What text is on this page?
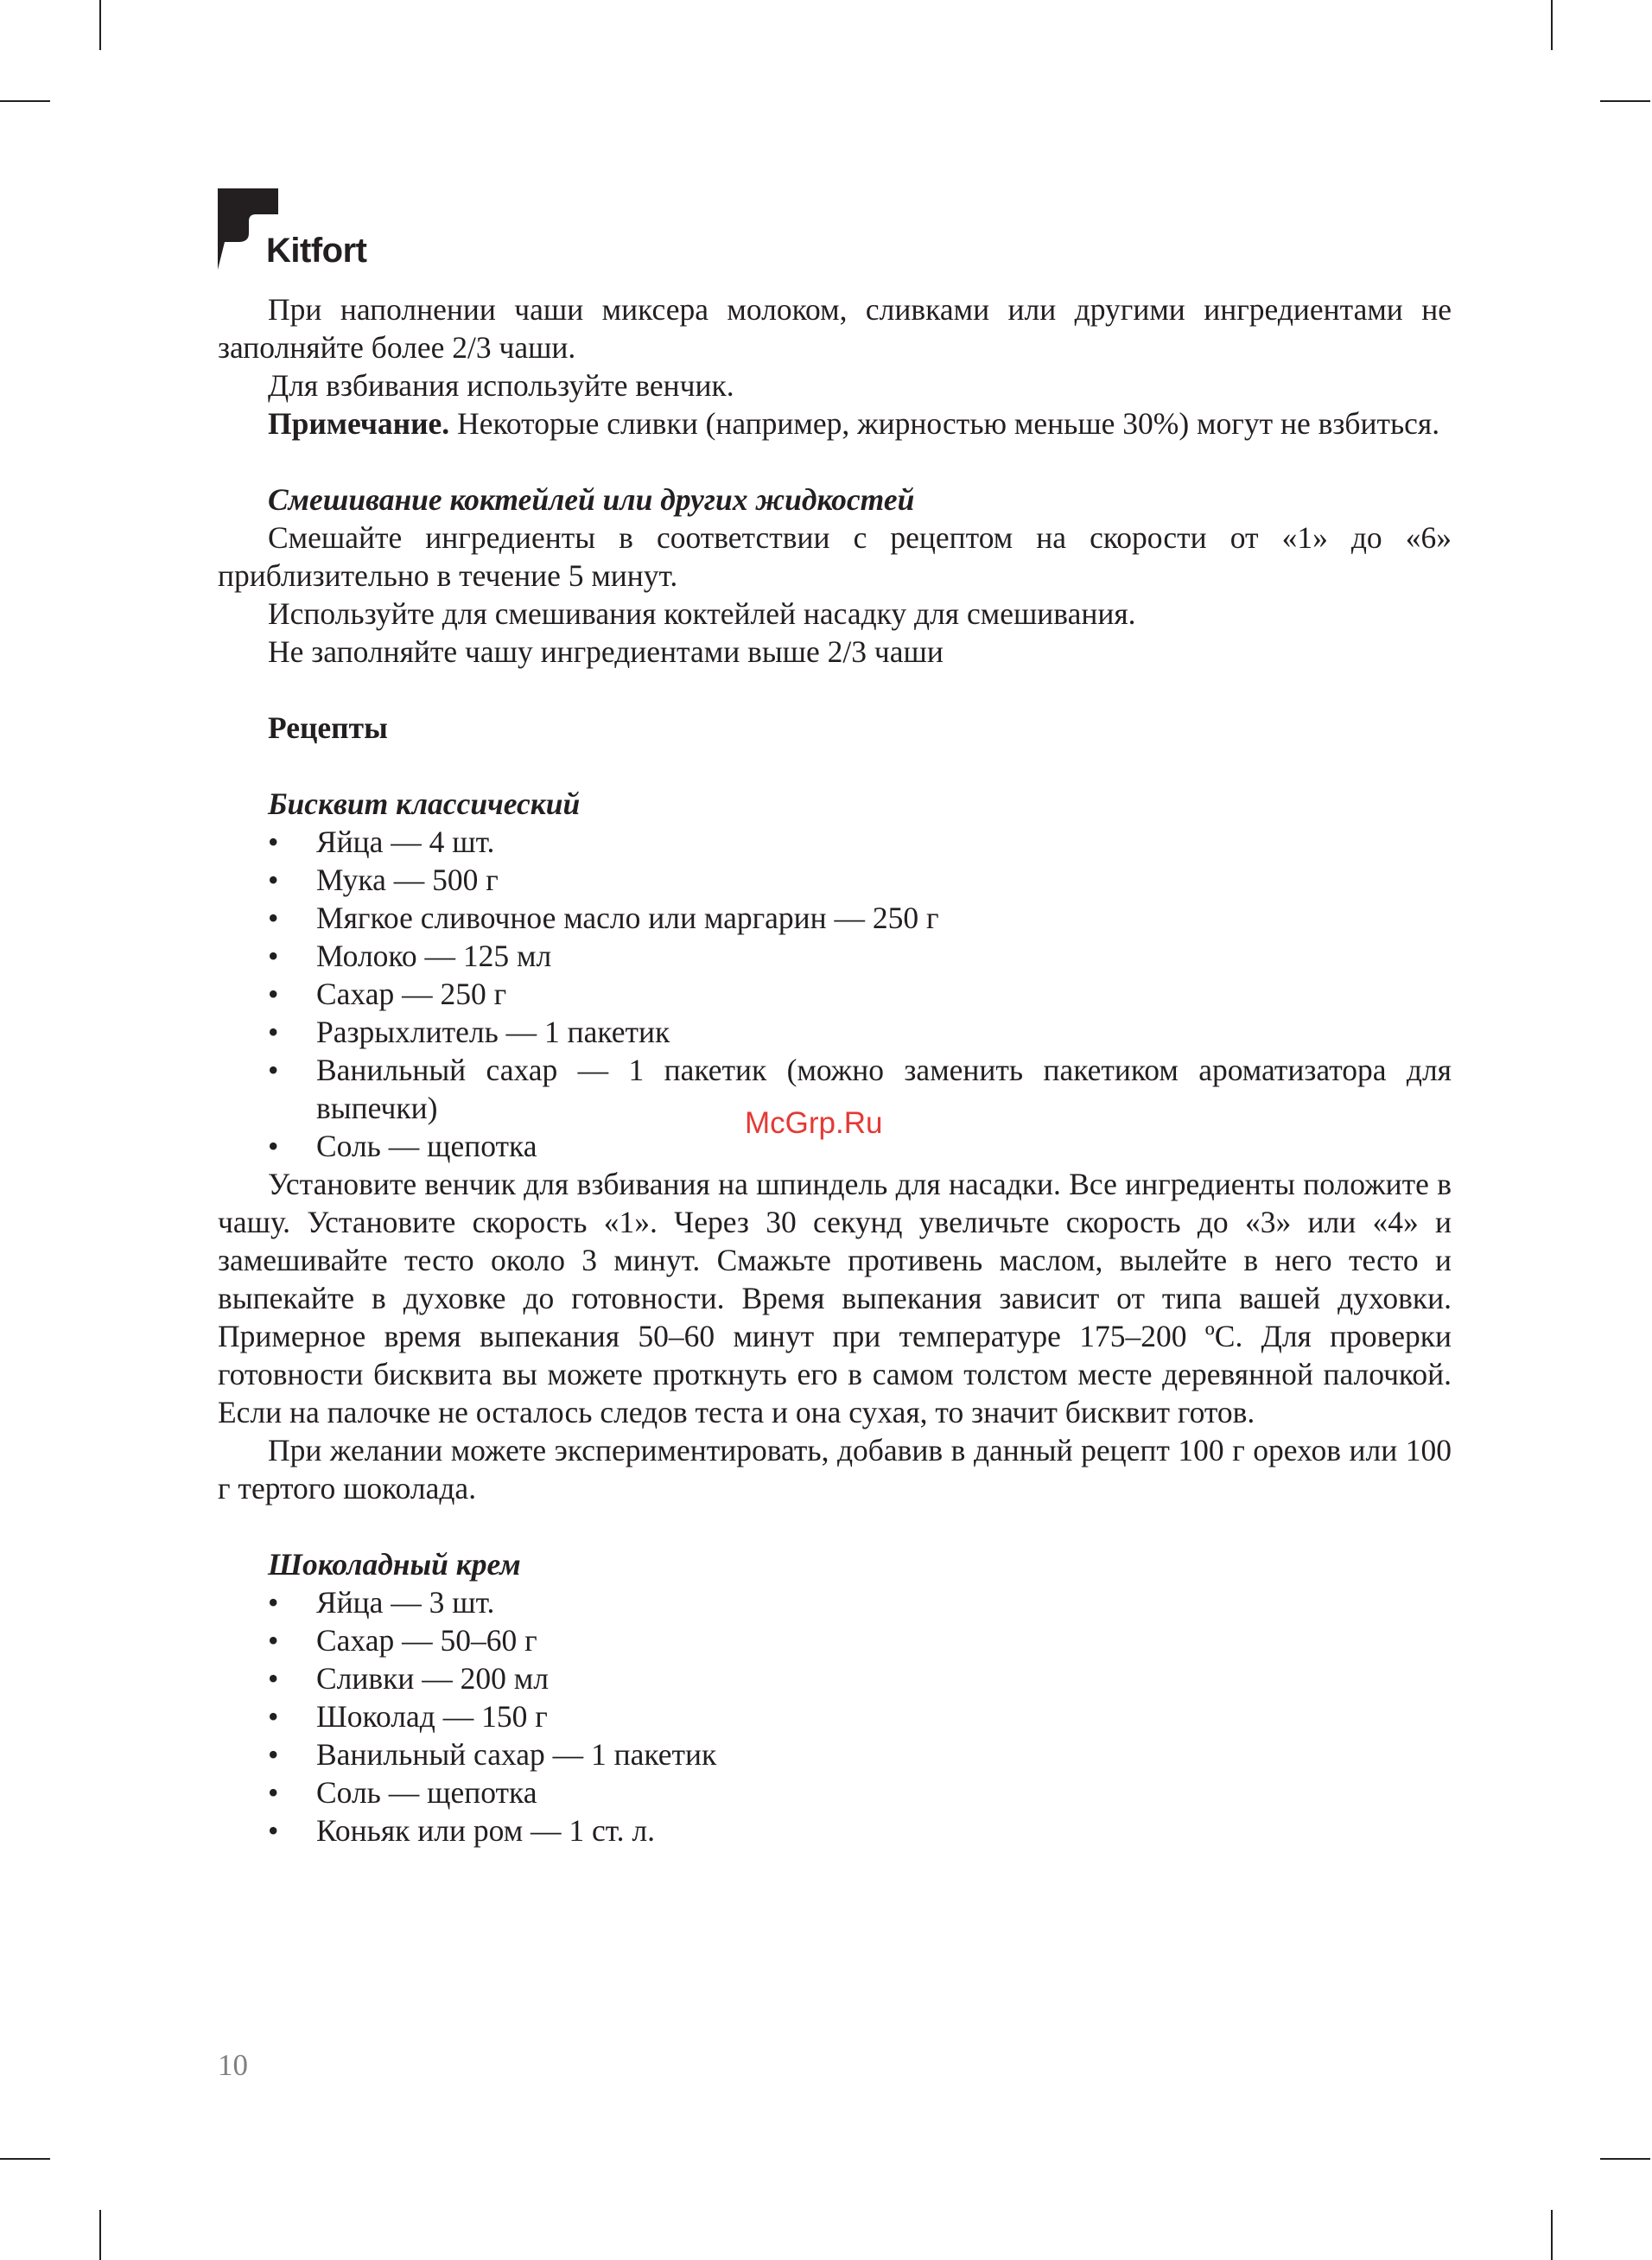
Kitfort

При наполнении чаши миксера молоком, сливками или другими ингредиентами не заполняйте более 2/3 чаши.

Для взбивания используйте венчик.

Примечание. Некоторые сливки (например, жирностью меньше 30%) могут не взбиться.

Смешивание коктейлей или других жидкостей

Смешайте ингредиенты в соответствии с рецептом на скорости от «1» до «6» приблизительно в течение 5 минут.

Используйте для смешивания коктейлей насадку для смешивания.

Не заполняйте чашу ингредиентами выше 2/3 чаши

Рецепты

Бисквит классический

• Яйца — 4 шт.
• Мука — 500 г
• Мягкое сливочное масло или маргарин — 250 г
• Молоко — 125 мл
• Сахар — 250 г
• Разрыхлитель — 1 пакетик
• Ванильный сахар — 1 пакетик (можно заменить пакетиком ароматизатора для выпечки)
• Соль — щепотка

Установите венчик для взбивания на шпиндель для насадки. Все ингредиенты положите в чашу. Установите скорость «1». Через 30 секунд увеличьте скорость до «3» или «4» и замешивайте тесто около 3 минут. Смажьте противень маслом, вылейте в него тесто и выпекайте в духовке до готовности. Время выпекания зависит от типа вашей духовки. Примерное время выпекания 50–60 минут при температуре 175–200 ºC. Для проверки готовности бисквита вы можете проткнуть его в самом толстом месте деревянной палочкой. Если на палочке не осталось следов теста и она сухая, то значит бисквит готов.

При желании можете экспериментировать, добавив в данный рецепт 100 г орехов или 100 г тертого шоколада.

Шоколадный крем

• Яйца — 3 шт.
• Сахар — 50–60 г
• Сливки — 200 мл
• Шоколад — 150 г
• Ванильный сахар — 1 пакетик
• Соль — щепотка
• Коньяк или ром — 1 ст. л.
McGrp.Ru
10
